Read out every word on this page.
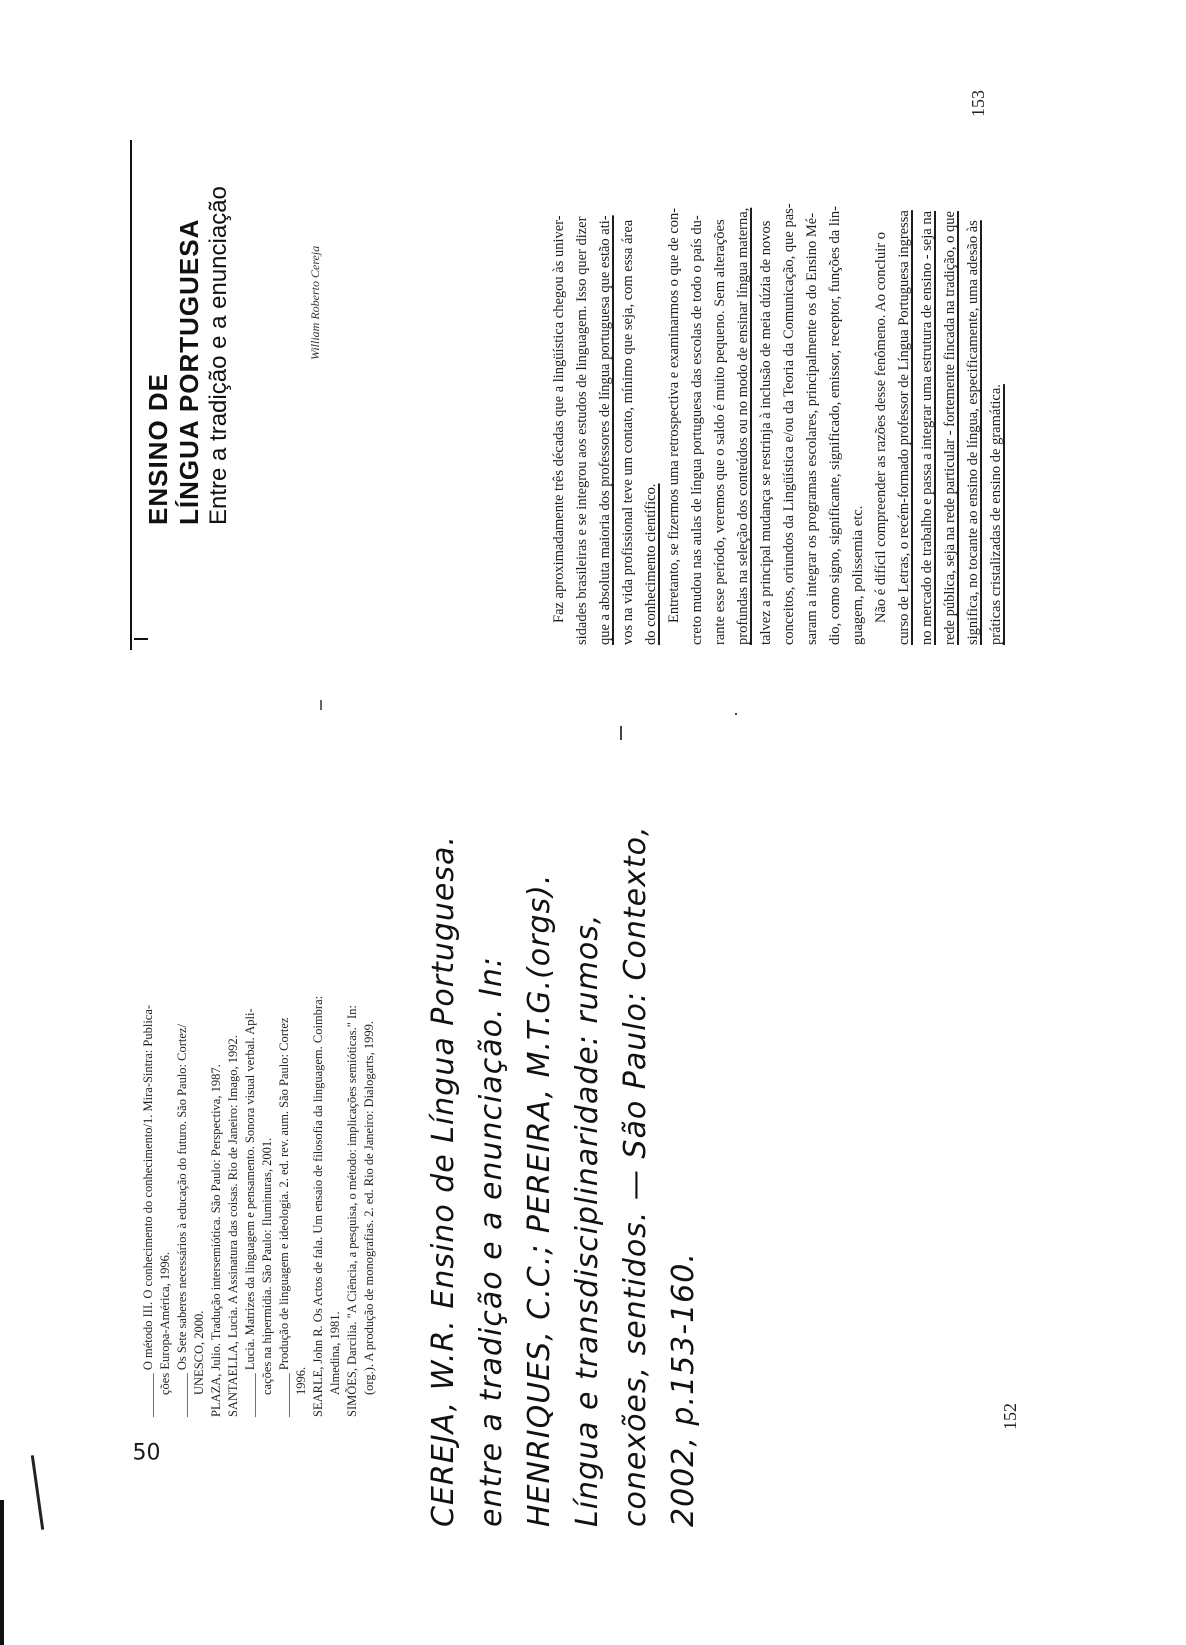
ENSINO DE LÍNGUA PORTUGUESA Entre a tradição e a enunciação	William Roberto Cereja	Faz aproximadamente três décadas que a lingüística chegou às univer- sidades brasileiras e se integrou aos estudos de linguagem. Isso quer dizer que a absoluta maioria dos professores de língua portuguesa que estão ati- vos na vida profissional teve um contato, mínimo que seja, com essa área do conhecimento científico. Entretanto, se fizermos uma retrospectiva e examinarmos o que de con- creto mudou nas aulas de língua portuguesa das escolas de todo o país du- rante esse período, veremos que o saldo é muito pequeno. Sem alterações profundas na seleção dos conteúdos ou no modo de ensinar língua materna, talvez a principal mudança se restrinja à inclusão de meia dúzia de novos conceitos, oriundos da Lingüística e/ou da Teoria da Comunicação, que pas- saram a integrar os programas escolares, principalmente os do Ensino Mé- dio, como signo, significante, significado, emissor, receptor, funções da lin- guagem, polissemia etc. Não é difícil compreender as razões desse fenômeno. Ao concluir o curso de Letras, o recém-formado professor de Língua Portuguesa ingressa no mercado de trabalho e passa a integrar uma estrutura de ensino - seja na rede pública, seja na rede particular - fortemente fincada na tradição, o que significa, no tocante ao ensino de língua, especificamente, uma adesão às práticas cristalizadas de ensino de gramática.
153
_______ O método III. O conhecimento do conhecimento/1. Mira-Sintra: Publica- ções Europa-América, 1996. _______ Os Sete saberes necessários à educação do futuro. São Paulo: Cortez/ UNESCO, 2000. PLAZA, Julio. Tradução intersemiótica. São Paulo: Perspectiva, 1987. SANTAELLA, Lucia. A Assinatura das coisas. Rio de Janeiro: Imago, 1992. _______ Lucia. Matrizes da linguagem e pensamento. Sonora visual verbal. Apli- cações na hipermídia. São Paulo: Iluminuras, 2001. _______ Produção de linguagem e ideologia. 2. ed. rev. aum. São Paulo: Cortez 1996. SEARLE, John R. Os Actos de fala. Um ensaio de filosofia da linguagem. Coimbra: Almedina, 1981. SIMÕES, Darcilia. "A Ciência, a pesquisa, o método: implicações semióticas." In: (org.). A produção de monografias. 2. ed. Rio de Janeiro: Dialogarts, 1999.
152
50	CEREJA, W.R. Ensino de Língua Portuguesa. entre a tradição e a enunciação. In: HENRIQUES, C.C.; PEREIRA, M.T.G.(orgs). Língua e transdisciplinaridade: rumos, conexões, sentidos. — São Paulo: Contexto, 2002, p.153-160.
